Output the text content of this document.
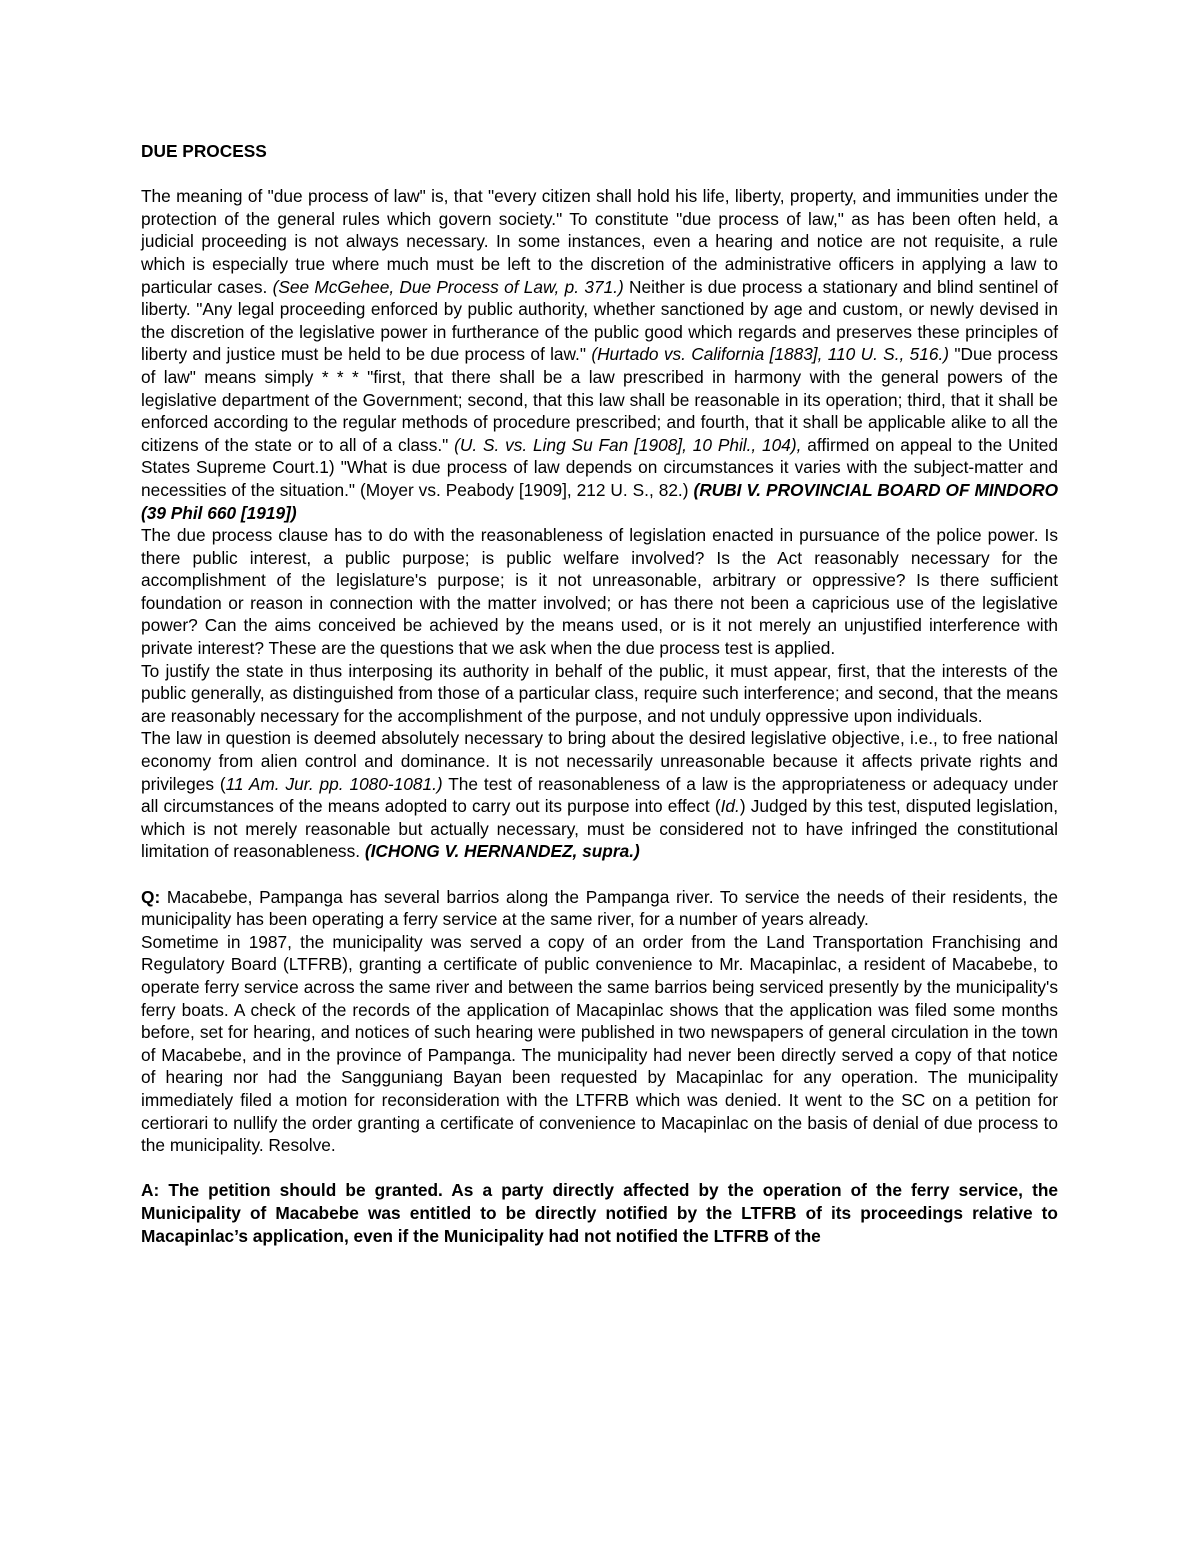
DUE PROCESS

The meaning of "due process of law" is, that "every citizen shall hold his life, liberty, property, and immunities under the protection of the general rules which govern society." To constitute "due process of law," as has been often held, a judicial proceeding is not always necessary. In some instances, even a hearing and notice are not requisite, a rule which is especially true where much must be left to the discretion of the administrative officers in applying a law to particular cases. (See McGehee, Due Process of Law, p. 371.) Neither is due process a stationary and blind sentinel of liberty. "Any legal proceeding enforced by public authority, whether sanctioned by age and custom, or newly devised in the discretion of the legislative power in furtherance of the public good which regards and preserves these principles of liberty and justice must be held to be due process of law." (Hurtado vs. California [1883], 110 U. S., 516.) "Due process of law" means simply * * * "first, that there shall be a law prescribed in harmony with the general powers of the legislative department of the Government; second, that this law shall be reasonable in its operation; third, that it shall be enforced according to the regular methods of procedure prescribed; and fourth, that it shall be applicable alike to all the citizens of the state or to all of a class." (U. S. vs. Ling Su Fan [1908], 10 Phil., 104), affirmed on appeal to the United States Supreme Court.1) "What is due process of law depends on circumstances it varies with the subject-matter and necessities of the situation." (Moyer vs. Peabody [1909], 212 U. S., 82.) (RUBI V. PROVINCIAL BOARD OF MINDORO (39 Phil 660 [1919])

The due process clause has to do with the reasonableness of legislation enacted in pursuance of the police power. Is there public interest, a public purpose; is public welfare involved? Is the Act reasonably necessary for the accomplishment of the legislature's purpose; is it not unreasonable, arbitrary or oppressive? Is there sufficient foundation or reason in connection with the matter involved; or has there not been a capricious use of the legislative power? Can the aims conceived be achieved by the means used, or is it not merely an unjustified interference with private interest? These are the questions that we ask when the due process test is applied.

To justify the state in thus interposing its authority in behalf of the public, it must appear, first, that the interests of the public generally, as distinguished from those of a particular class, require such interference; and second, that the means are reasonably necessary for the accomplishment of the purpose, and not unduly oppressive upon individuals.

The law in question is deemed absolutely necessary to bring about the desired legislative objective, i.e., to free national economy from alien control and dominance. It is not necessarily unreasonable because it affects private rights and privileges (11 Am. Jur. pp. 1080-1081.) The test of reasonableness of a law is the appropriateness or adequacy under all circumstances of the means adopted to carry out its purpose into effect (Id.) Judged by this test, disputed legislation, which is not merely reasonable but actually necessary, must be considered not to have infringed the constitutional limitation of reasonableness. (ICHONG V. HERNANDEZ, supra.)

Q: Macabebe, Pampanga has several barrios along the Pampanga river. To service the needs of their residents, the municipality has been operating a ferry service at the same river, for a number of years already.

Sometime in 1987, the municipality was served a copy of an order from the Land Transportation Franchising and Regulatory Board (LTFRB), granting a certificate of public convenience to Mr. Macapinlac, a resident of Macabebe, to operate ferry service across the same river and between the same barrios being serviced presently by the municipality's ferry boats. A check of the records of the application of Macapinlac shows that the application was filed some months before, set for hearing, and notices of such hearing were published in two newspapers of general circulation in the town of Macabebe, and in the province of Pampanga. The municipality had never been directly served a copy of that notice of hearing nor had the Sangguniang Bayan been requested by Macapinlac for any operation. The municipality immediately filed a motion for reconsideration with the LTFRB which was denied. It went to the SC on a petition for certiorari to nullify the order granting a certificate of convenience to Macapinlac on the basis of denial of due process to the municipality. Resolve.

A: The petition should be granted. As a party directly affected by the operation of the ferry service, the Municipality of Macabebe was entitled to be directly notified by the LTFRB of its proceedings relative to Macapinlac’s application, even if the Municipality had not notified the LTFRB of the
